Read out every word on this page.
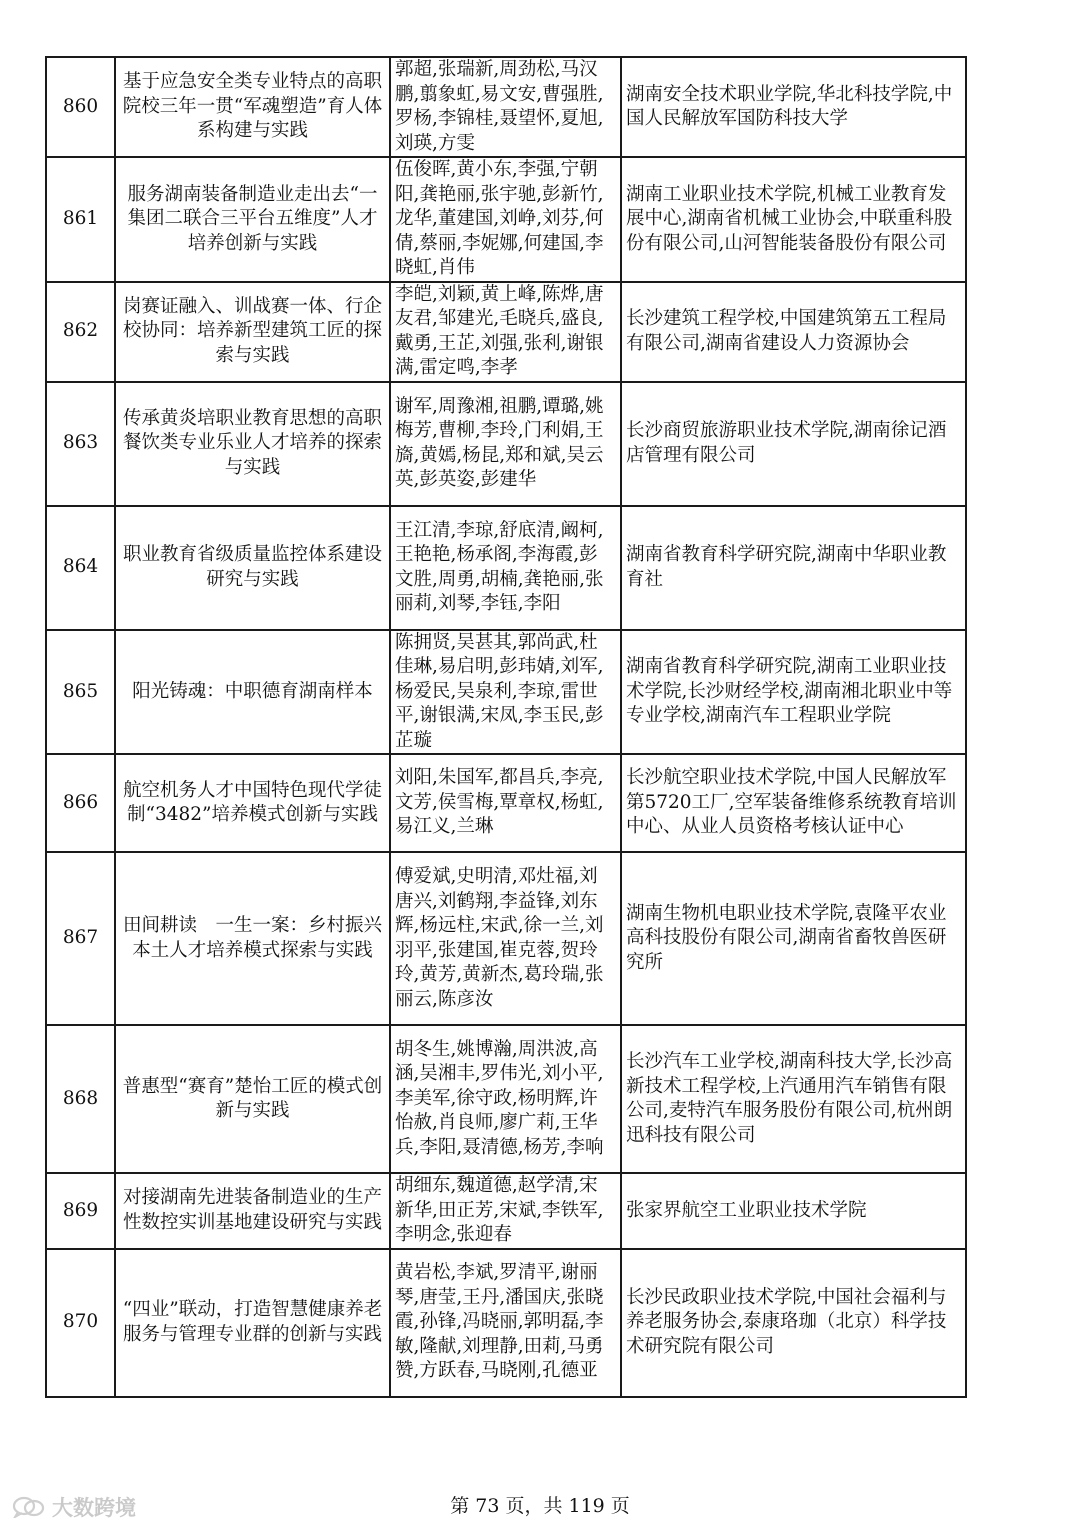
860	基于应急安全类专业特点的高职院校三年一贯“军魂塑造”育人体系构建与实践	郭超,张瑞新,周劲松,马汉鹏,翦象虹,易文安,曹强胜,罗杨,李锦桂,聂望怀,夏旭,刘瑛,方雯	湖南安全技术职业学院,华北科技学院,中国人民解放军国防科技大学
861	服务湖南装备制造业走出去“一集团二联合三平台五维度”人才培养创新与实践	伍俊晖,黄小东,李强,宁朝阳,龚艳丽,张宇驰,彭新竹,龙华,董建国,刘峥,刘芬,何倩,蔡丽,李妮娜,何建国,李晓虹,肖伟	湖南工业职业技术学院,机械工业教育发展中心,湖南省机械工业协会,中联重科股份有限公司,山河智能装备股份有限公司
862	岗赛证融入、训战赛一体、行企校协同：培养新型建筑工匠的探索与实践	李皑,刘颖,黄上峰,陈烨,唐友君,邹建光,毛晓兵,盛良,戴勇,王芷,刘强,张利,谢银满,雷定鸣,李孝	长沙建筑工程学校,中国建筑第五工程局有限公司,湖南省建设人力资源协会
863	传承黄炎培职业教育思想的高职餐饮类专业乐业人才培养的探索与实践	谢军,周豫湘,祖鹏,谭璐,姚梅芳,曹柳,李玲,门利娟,王旖,黄嫣,杨昆,郑和斌,吴云英,彭英姿,彭建华	长沙商贸旅游职业技术学院,湖南徐记酒店管理有限公司
864	职业教育省级质量监控体系建设研究与实践	王江清,李琼,舒底清,阚柯,王艳艳,杨承阁,李海霞,彭文胜,周勇,胡楠,龚艳丽,张丽莉,刘琴,李钰,李阳	湖南省教育科学研究院,湖南中华职业教育社
865	阳光铸魂：中职德育湖南样本	陈拥贤,吴甚其,郭尚武,杜佳琳,易启明,彭玮婧,刘军,杨爱民,吴泉利,李琼,雷世平,谢银满,宋凤,李玉民,彭芷璇	湖南省教育科学研究院,湖南工业职业技术学院,长沙财经学校,湖南湘北职业中等专业学校,湖南汽车工程职业学院
866	航空机务人才中国特色现代学徒制“3482”培养模式创新与实践	刘阳,朱国军,都昌兵,李亮,文芳,侯雪梅,覃章权,杨虹,易江义,兰琳	长沙航空职业技术学院,中国人民解放军第5720工厂,空军装备维修系统教育培训中心、从业人员资格考核认证中心
867	田间耕读　一生一案：乡村振兴本土人才培养模式探索与实践	傅爱斌,史明清,邓灶福,刘唐兴,刘鹤翔,李益锋,刘东辉,杨远柱,宋武,徐一兰,刘羽平,张建国,崔克蓉,贺玲玲,黄芳,黄新杰,葛玲瑞,张丽云,陈彦汝	湖南生物机电职业技术学院,袁隆平农业高科技股份有限公司,湖南省畜牧兽医研究所
868	普惠型“赛育”楚怡工匠的模式创新与实践	胡冬生,姚博瀚,周洪波,高涵,吴湘丰,罗伟光,刘小平,李美军,徐守政,杨明辉,许怡赦,肖良师,廖广莉,王华兵,李阳,聂清德,杨芳,李响	长沙汽车工业学校,湖南科技大学,长沙高新技术工程学校,上汽通用汽车销售有限公司,麦特汽车服务股份有限公司,杭州朗迅科技有限公司
869	对接湖南先进装备制造业的生产性数控实训基地建设研究与实践	胡细东,魏道德,赵学清,宋新华,田正芳,宋斌,李铁军,李明念,张迎春	张家界航空工业职业技术学院
870	“四业”联动，打造智慧健康养老服务与管理专业群的创新与实践	黄岩松,李斌,罗清平,谢丽琴,唐莹,王丹,潘国庆,张晓霞,孙锋,冯晓丽,郭明磊,李敏,隆献,刘理静,田莉,马勇赞,方跃春,马晓刚,孔德亚	长沙民政职业技术学院,中国社会福利与养老服务协会,泰康珞珈（北京）科学技术研究院有限公司
大数跨境	第 73 页，共 119 页
